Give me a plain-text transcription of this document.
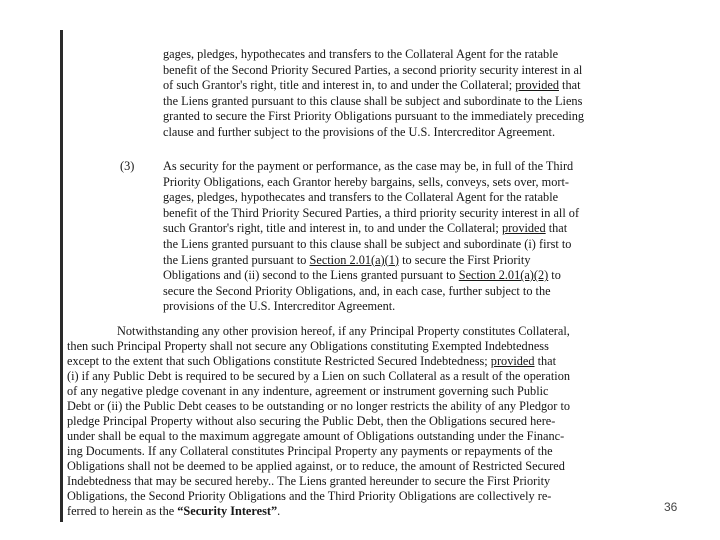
gages, pledges, hypothecates and transfers to the Collateral Agent for the ratable
benefit of the Second Priority Secured Parties, a second priority security interest in al
of such Grantor's right, title and interest in, to and under the Collateral; provided that
the Liens granted pursuant to this clause shall be subject and subordinate to the Liens
granted to secure the First Priority Obligations pursuant to the immediately preceding
clause and further subject to the provisions of the U.S. Intercreditor Agreement.
(3) As security for the payment or performance, as the case may be, in full of the Third
Priority Obligations, each Grantor hereby bargains, sells, conveys, sets over, mort-
gages, pledges, hypothecates and transfers to the Collateral Agent for the ratable
benefit of the Third Priority Secured Parties, a third priority security interest in all of
such Grantor's right, title and interest in, to and under the Collateral; provided that
the Liens granted pursuant to this clause shall be subject and subordinate (i) first to
the Liens granted pursuant to Section 2.01(a)(1) to secure the First Priority
Obligations and (ii) second to the Liens granted pursuant to Section 2.01(a)(2) to
secure the Second Priority Obligations, and, in each case, further subject to the
provisions of the U.S. Intercreditor Agreement.
Notwithstanding any other provision hereof, if any Principal Property constitutes Collateral,
then such Principal Property shall not secure any Obligations constituting Exempted Indebtedness
except to the extent that such Obligations constitute Restricted Secured Indebtedness; provided that
(i) if any Public Debt is required to be secured by a Lien on such Collateral as a result of the operation
of any negative pledge covenant in any indenture, agreement or instrument governing such Public
Debt or (ii) the Public Debt ceases to be outstanding or no longer restricts the ability of any Pledgor to
pledge Principal Property without also securing the Public Debt, then the Obligations secured here-
under shall be equal to the maximum aggregate amount of Obligations outstanding under the Financ-
ing Documents. If any Collateral constitutes Principal Property any payments or repayments of the
Obligations shall not be deemed to be applied against, or to reduce, the amount of Restricted Secured
Indebtedness that may be secured hereby.. The Liens granted hereunder to secure the First Priority
Obligations, the Second Priority Obligations and the Third Priority Obligations are collectively re-
ferred to herein as the “Security Interest”.	36
